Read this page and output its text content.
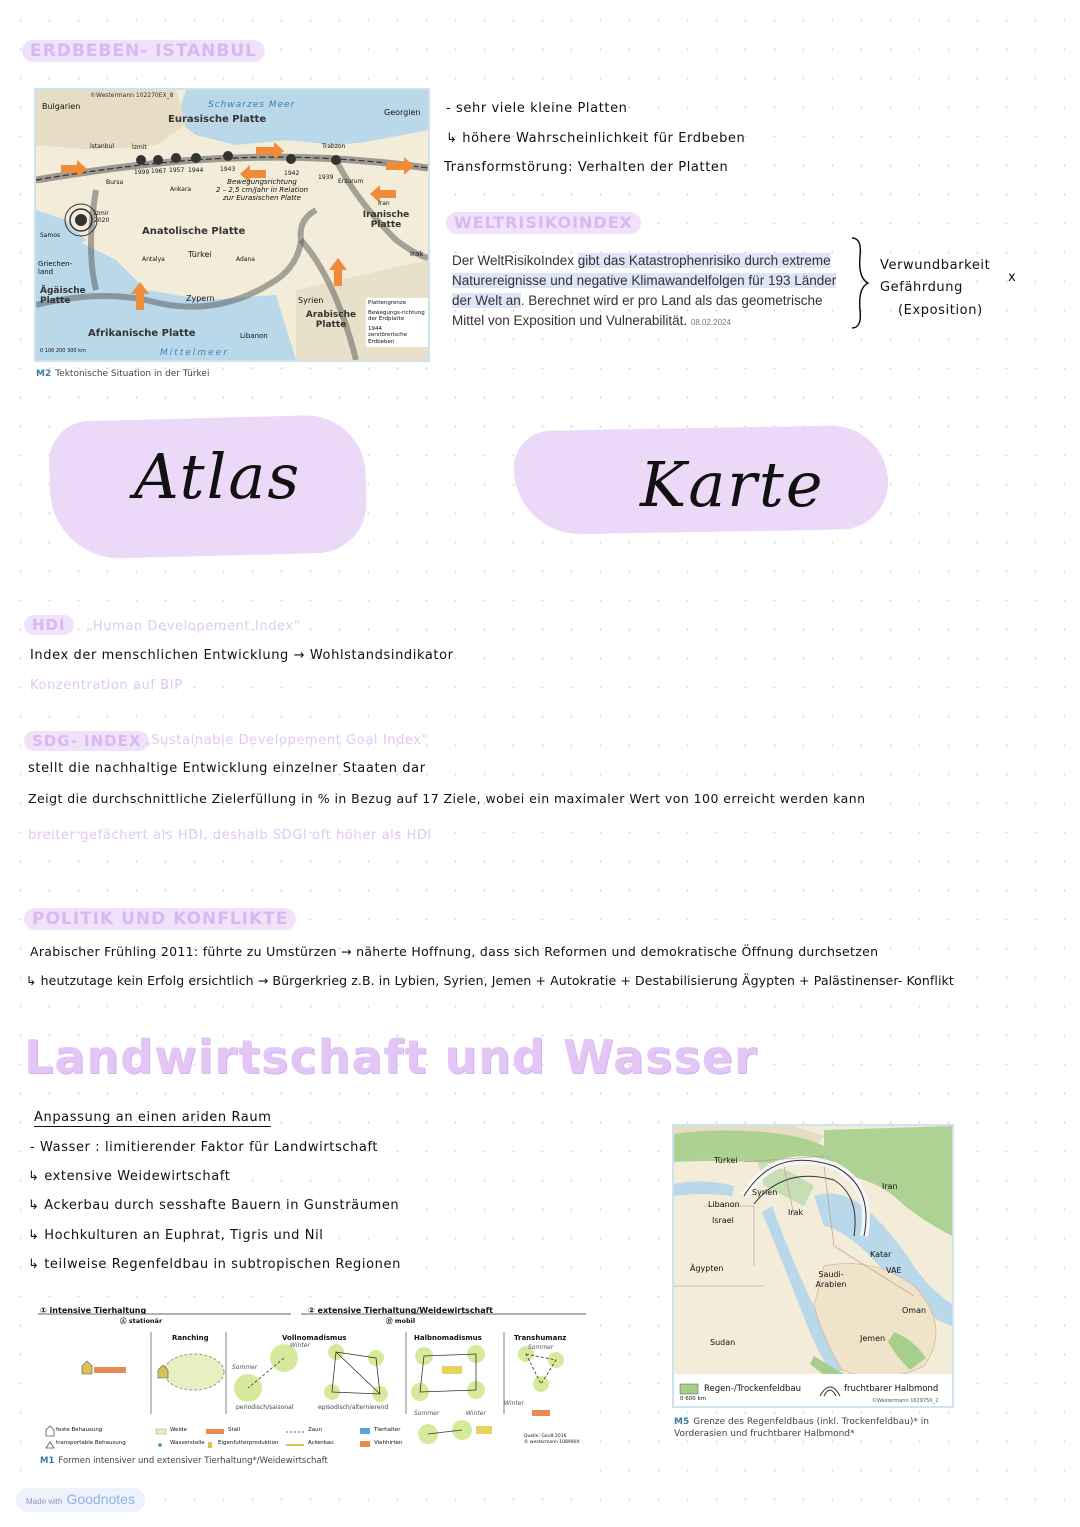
ERDBEBEN- ISTANBUL
©Westermann 102270EX_8
Bulgarien	Schwarzes Meer
Georgien
Eurasische Platte
İstanbul	İzmit	Trabzon
Bursa
Ankara
Erzurum
Iran
1999 1967 1957 1944	1943
1942
1939
Bewegungsrichtung
2 – 2,5 cm/Jahr in Relation
zur Eurasischen Platte
İzmir
2020
Samos	Anatolische Platte
Iranische Platte
Griechen-land
Antalya
Türkei
Adana
Irak
Ägäische Platte	Zypern	Syrien
Arabische Platte
Afrikanische Platte	Libanon
Mittelmeer
0 100 200 300 km
Plattengrenze
Bewegungs-richtung der Erdplatte
1944
zerstörerische Erdbeben
M2 Tektonische Situation in der Türkei
- sehr viele kleine Platten
↳ höhere Wahrscheinlichkeit für Erdbeben
Transformstörung: Verhalten der Platten
WELTRISIKOINDEX
Der WeltRisikoIndex gibt das Katastrophenrisiko durch extreme Naturereignisse und negative Klimawandelfolgen für 193 Länder der Welt an. Berechnet wird er pro Land als das geometrische Mittel von Exposition und Vulnerabilität. 08.02.2024
Verwundbarkeit
Gefährdung
(Exposition)
x
Atlas	Karte
HDI	„Human Developement Index“
Index der menschlichen Entwicklung → Wohlstandsindikator
Konzentration auf BIP
SDG- INDEX „Sustainable Developement Goal Index“
stellt die nachhaltige Entwicklung einzelner Staaten dar
Zeigt die durchschnittliche Zielerfüllung in % in Bezug auf 17 Ziele, wobei ein maximaler Wert von 100 erreicht werden kann
breiter gefächert als HDI, deshalb SDGI oft höher als HDI
POLITIK UND KONFLIKTE
Arabischer Frühling 2011: führte zu Umstürzen → näherte Hoffnung, dass sich Reformen und demokratische Öffnung durchsetzen
↳ heutzutage kein Erfolg ersichtlich → Bürgerkrieg z.B. in Lybien, Syrien, Jemen + Autokratie + Destabilisierung Ägypten + Palästinenser- Konflikt
Landwirtschaft und Wasser
Anpassung an einen ariden Raum
- Wasser : limitierender Faktor für Landwirtschaft
↳ extensive Weidewirtschaft
↳ Ackerbau durch sesshafte Bauern in Gunsträumen
↳ Hochkulturen an Euphrat, Tigris und Nil
↳ teilweise Regenfeldbau in subtropischen Regionen
① intensive Tierhaltung
Ⓐ stationär
② extensive Tierhaltung/Weidewirtschaft
Ⓑ mobil
Ranching	Vollnomadismus	Halbnomadismus	Transhumanz
Winter
Sommer
Sommer
Winter
Sommer	Winter
periodisch/saisonal	episodisch/alternierend
feste Behausung
transportable Behausung
Weide
Wasserstelle
Stall
Eigenfutterproduktion
Zaun
Ackerbau
Tierhalter
Viehhirten
Quelle: Gindt 2016
© westermann 108990X
M1 Formen intensiver und extensiver Tierhaltung*/Weidewirtschaft
Türkei
Syrien
Libanon
Israel
Irak
Iran
Ägypten
Saudi-Arabien
Katar
VAE
Oman
Jemen
Sudan
Regen-/Trockenfeldbau	fruchtbarer Halbmond
0 600 km	©Westermann 162975X_2
M5 Grenze des Regenfeldbaus (inkl. Trockenfeldbau)* in Vorderasien und fruchtbarer Halbmond*
Made with Goodnotes
